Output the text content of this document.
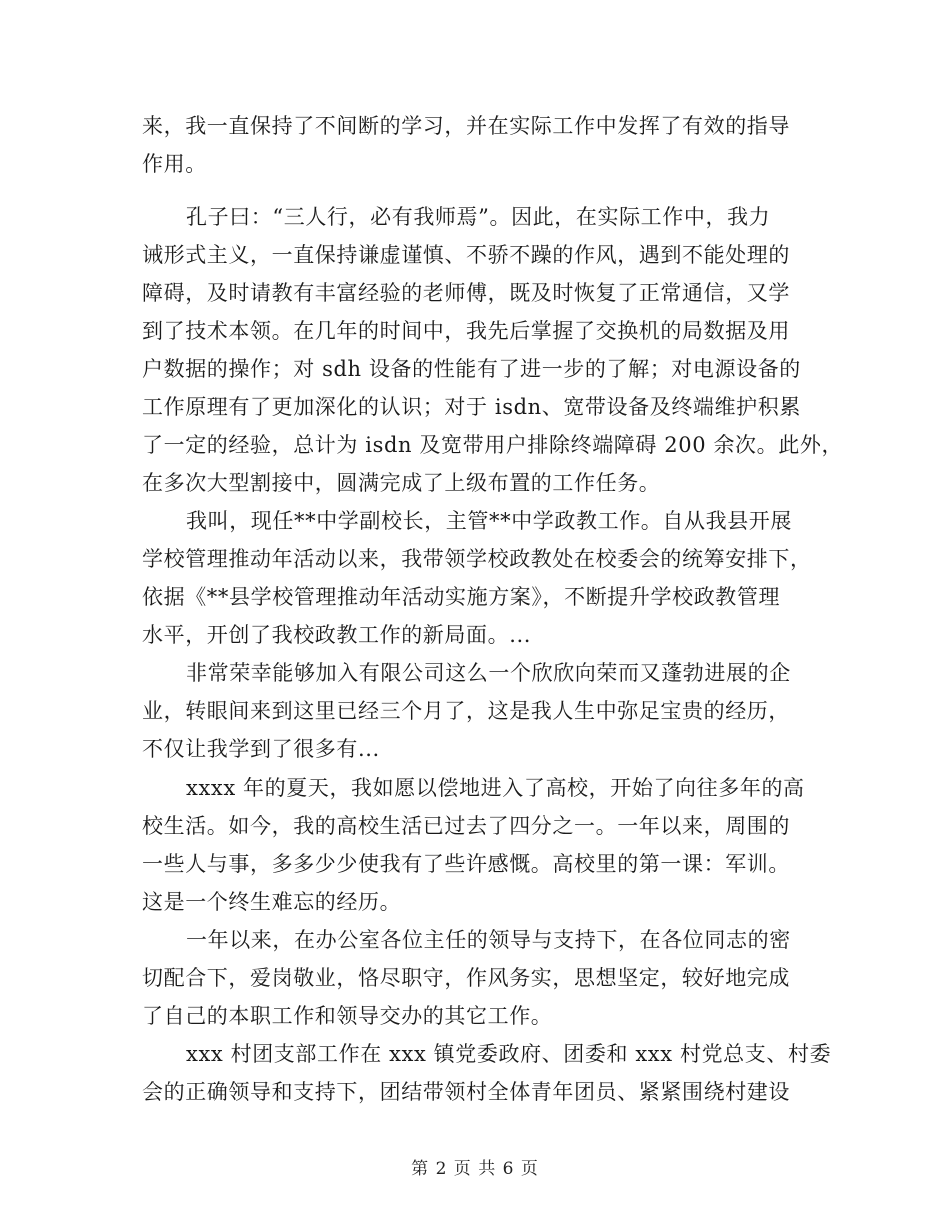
来，我一直保持了不间断的学习，并在实际工作中发挥了有效的指导
作用。
孔子曰：“三人行，必有我师焉”。因此，在实际工作中，我力
诫形式主义，一直保持谦虚谨慎、不骄不躁的作风，遇到不能处理的
障碍，及时请教有丰富经验的老师傅，既及时恢复了正常通信，又学
到了技术本领。在几年的时间中，我先后掌握了交换机的局数据及用
户数据的操作；对 sdh 设备的性能有了进一步的了解；对电源设备的
工作原理有了更加深化的认识；对于 isdn、宽带设备及终端维护积累
了一定的经验，总计为 isdn 及宽带用户排除终端障碍 200 余次。此外，
在多次大型割接中，圆满完成了上级布置的工作任务。
我叫，现任**中学副校长，主管**中学政教工作。自从我县开展
学校管理推动年活动以来，我带领学校政教处在校委会的统筹安排下，
依据《**县学校管理推动年活动实施方案》，不断提升学校政教管理
水平，开创了我校政教工作的新局面。...
非常荣幸能够加入有限公司这么一个欣欣向荣而又蓬勃进展的企
业，转眼间来到这里已经三个月了，这是我人生中弥足宝贵的经历，
不仅让我学到了很多有...
xxxx 年的夏天，我如愿以偿地进入了高校，开始了向往多年的高
校生活。如今，我的高校生活已过去了四分之一。一年以来，周围的
一些人与事，多多少少使我有了些许感慨。高校里的第一课：军训。
这是一个终生难忘的经历。
一年以来，在办公室各位主任的领导与支持下，在各位同志的密
切配合下，爱岗敬业，恪尽职守，作风务实，思想坚定，较好地完成
了自己的本职工作和领导交办的其它工作。
xxx 村团支部工作在 xxx 镇党委政府、团委和 xxx 村党总支、村委
会的正确领导和支持下，团结带领村全体青年团员、紧紧围绕村建设
第 2 页 共 6 页
